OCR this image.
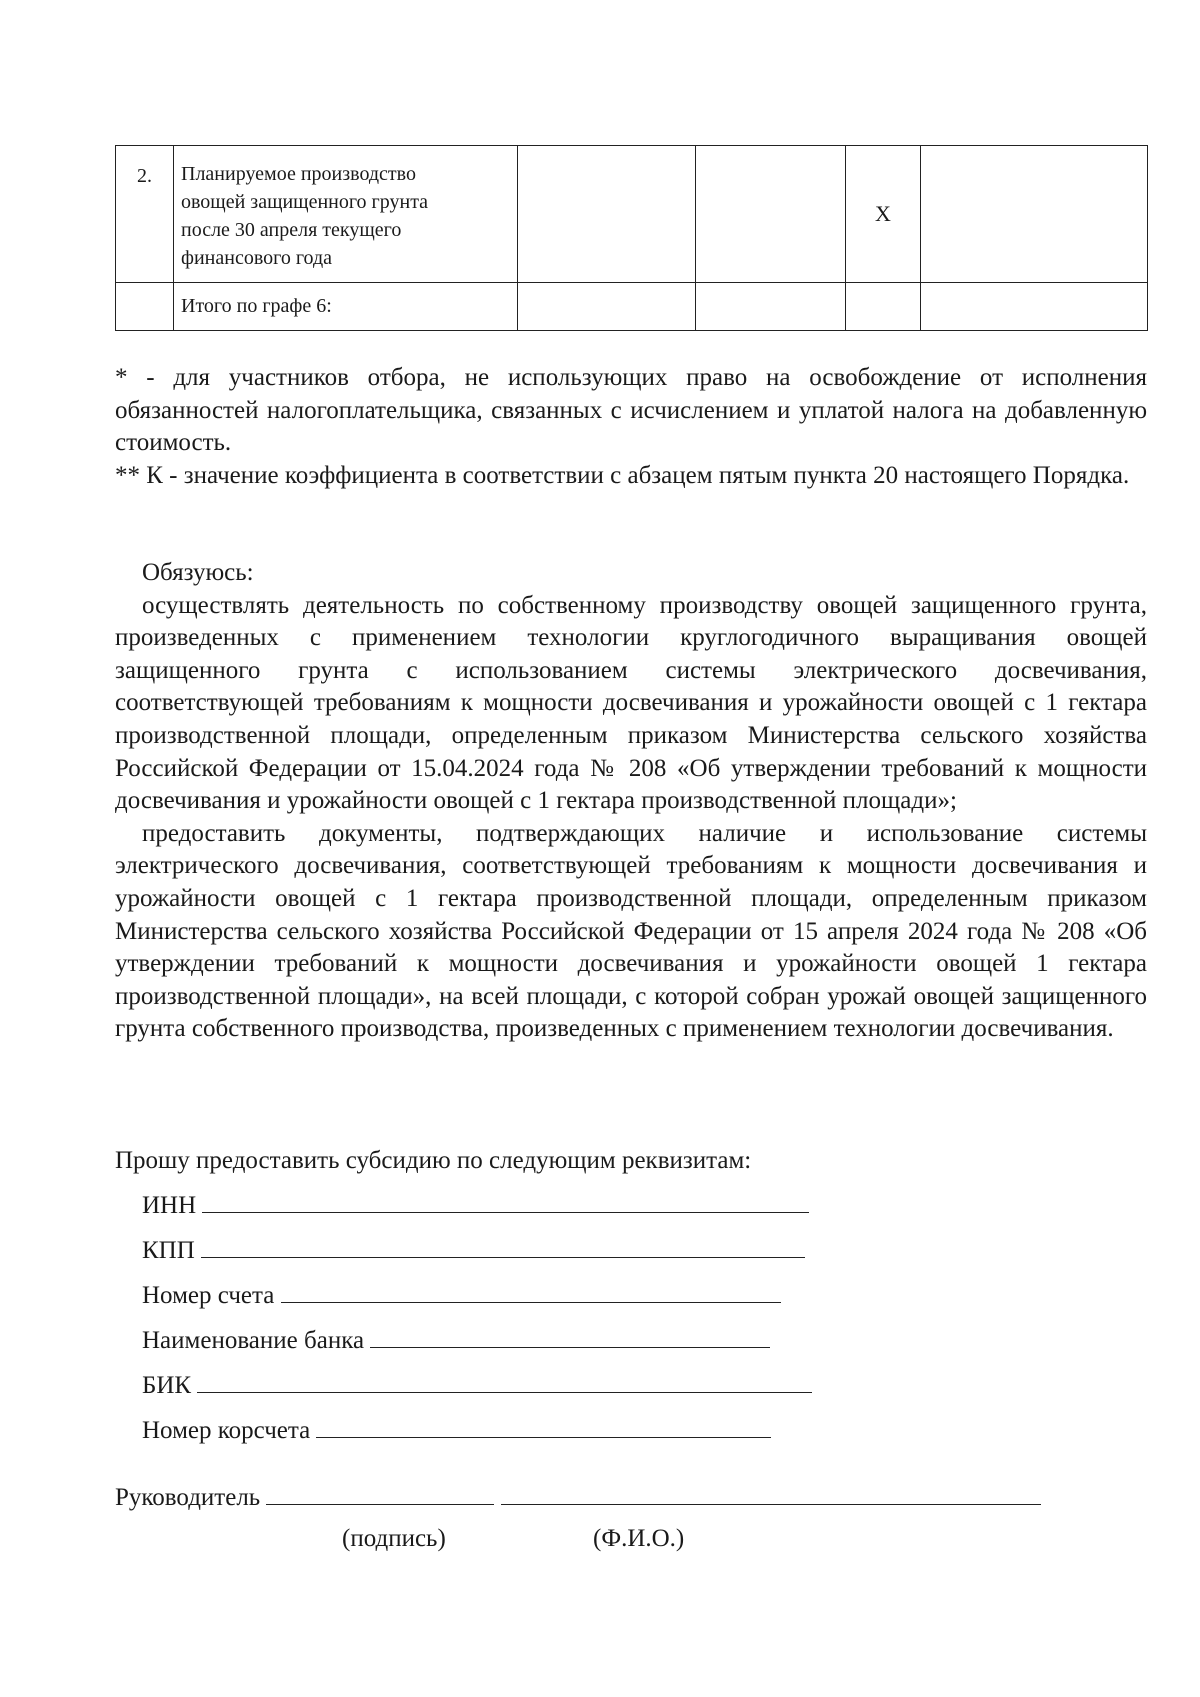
2.	Планируемое производство
овощей защищенного грунта
после 30 апреля текущего
финансового года			X	
	Итого по графе 6:				

* - для участников отбора, не использующих право на освобождение от исполнения обязанностей налогоплательщика, связанных с исчислением и уплатой налога на добавленную стоимость.

** К - значение коэффициента в соответствии с абзацем пятым пункта 20 настоящего Порядка.

Обязуюсь:

осуществлять деятельность по собственному производству овощей защищенного грунта, произведенных с применением технологии круглогодичного выращивания овощей защищенного грунта с использованием системы электрического досвечивания, соответствующей требованиям к мощности досвечивания и урожайности овощей с 1 гектара производственной площади, определенным приказом Министерства сельского хозяйства Российской Федерации от 15.04.2024 года № 208 «Об утверждении требований к мощности досвечивания и урожайности овощей с 1 гектара производственной площади»;

предоставить документы, подтверждающих наличие и использование системы электрического досвечивания, соответствующей требованиям к мощности досвечивания и урожайности овощей с 1 гектара производственной площади, определенным приказом Министерства сельского хозяйства Российской Федерации от 15 апреля 2024 года № 208 «Об утверждении требований к мощности досвечивания и урожайности овощей 1 гектара производственной площади», на всей площади, с которой собран урожай овощей защищенного грунта собственного производства, произведенных с применением технологии досвечивания.

Прошу предоставить субсидию по следующим реквизитам:
ИНН
КПП
Номер счета
Наименование банка
БИК
Номер корсчета
Руководитель
(подпись)	(Ф.И.О.)
